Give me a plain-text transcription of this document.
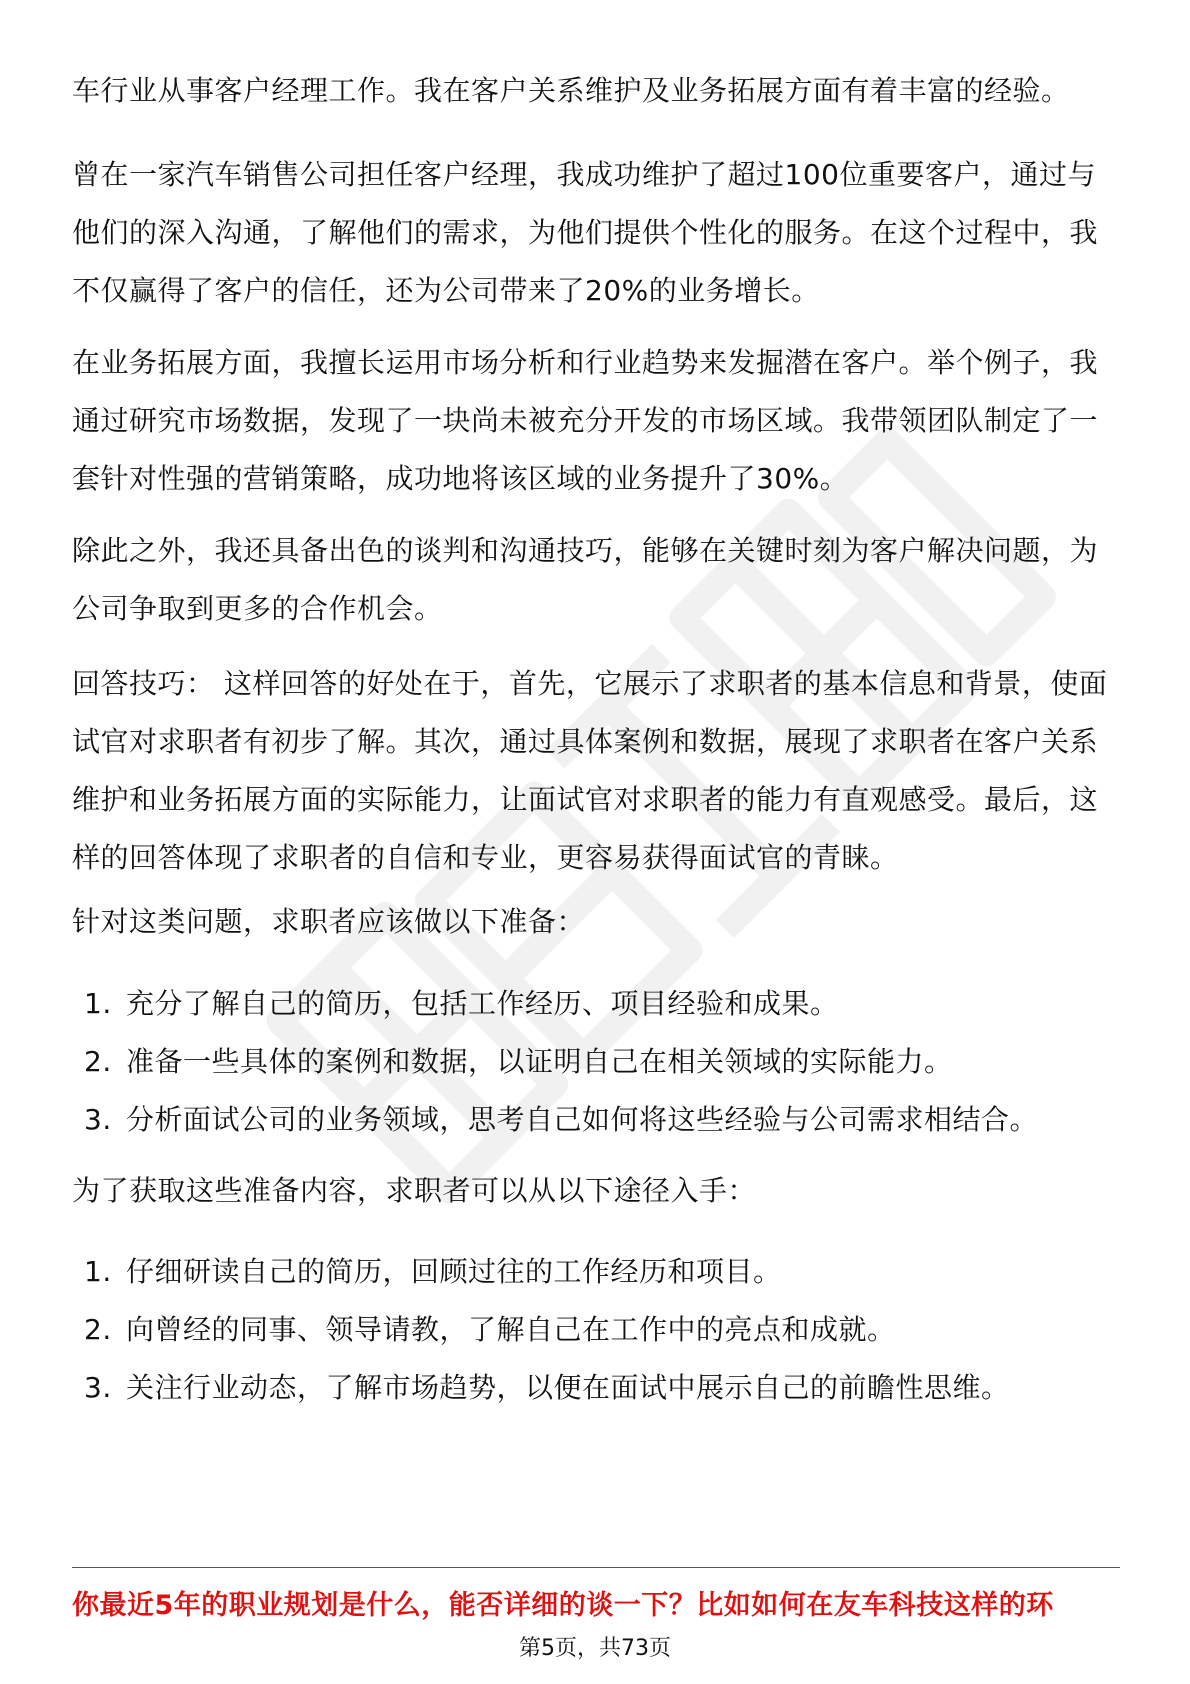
车行业从事客户经理工作。我在客户关系维护及业务拓展方面有着丰富的经验。

曾在一家汽车销售公司担任客户经理，我成功维护了超过100位重要客户，通过与他们的深入沟通，了解他们的需求，为他们提供个性化的服务。在这个过程中，我不仅赢得了客户的信任，还为公司带来了20%的业务增长。

在业务拓展方面，我擅长运用市场分析和行业趋势来发掘潜在客户。举个例子，我通过研究市场数据，发现了一块尚未被充分开发的市场区域。我带领团队制定了一套针对性强的营销策略，成功地将该区域的业务提升了30%。

除此之外，我还具备出色的谈判和沟通技巧，能够在关键时刻为客户解决问题，为公司争取到更多的合作机会。

回答技巧： 这样回答的好处在于，首先，它展示了求职者的基本信息和背景，使面试官对求职者有初步了解。其次，通过具体案例和数据，展现了求职者在客户关系维护和业务拓展方面的实际能力，让面试官对求职者的能力有直观感受。最后，这样的回答体现了求职者的自信和专业，更容易获得面试官的青睐。

针对这类问题，求职者应该做以下准备：

1. 充分了解自己的简历，包括工作经历、项目经验和成果。
2. 准备一些具体的案例和数据，以证明自己在相关领域的实际能力。
3. 分析面试公司的业务领域，思考自己如何将这些经验与公司需求相结合。

为了获取这些准备内容，求职者可以从以下途径入手：

1. 仔细研读自己的简历，回顾过往的工作经历和项目。
2. 向曾经的同事、领导请教，了解自己在工作中的亮点和成就。
3. 关注行业动态，了解市场趋势，以便在面试中展示自己的前瞻性思维。

你最近5年的职业规划是什么，能否详细的谈一下？比如如何在友车科技这样的环

第5页，共73页
